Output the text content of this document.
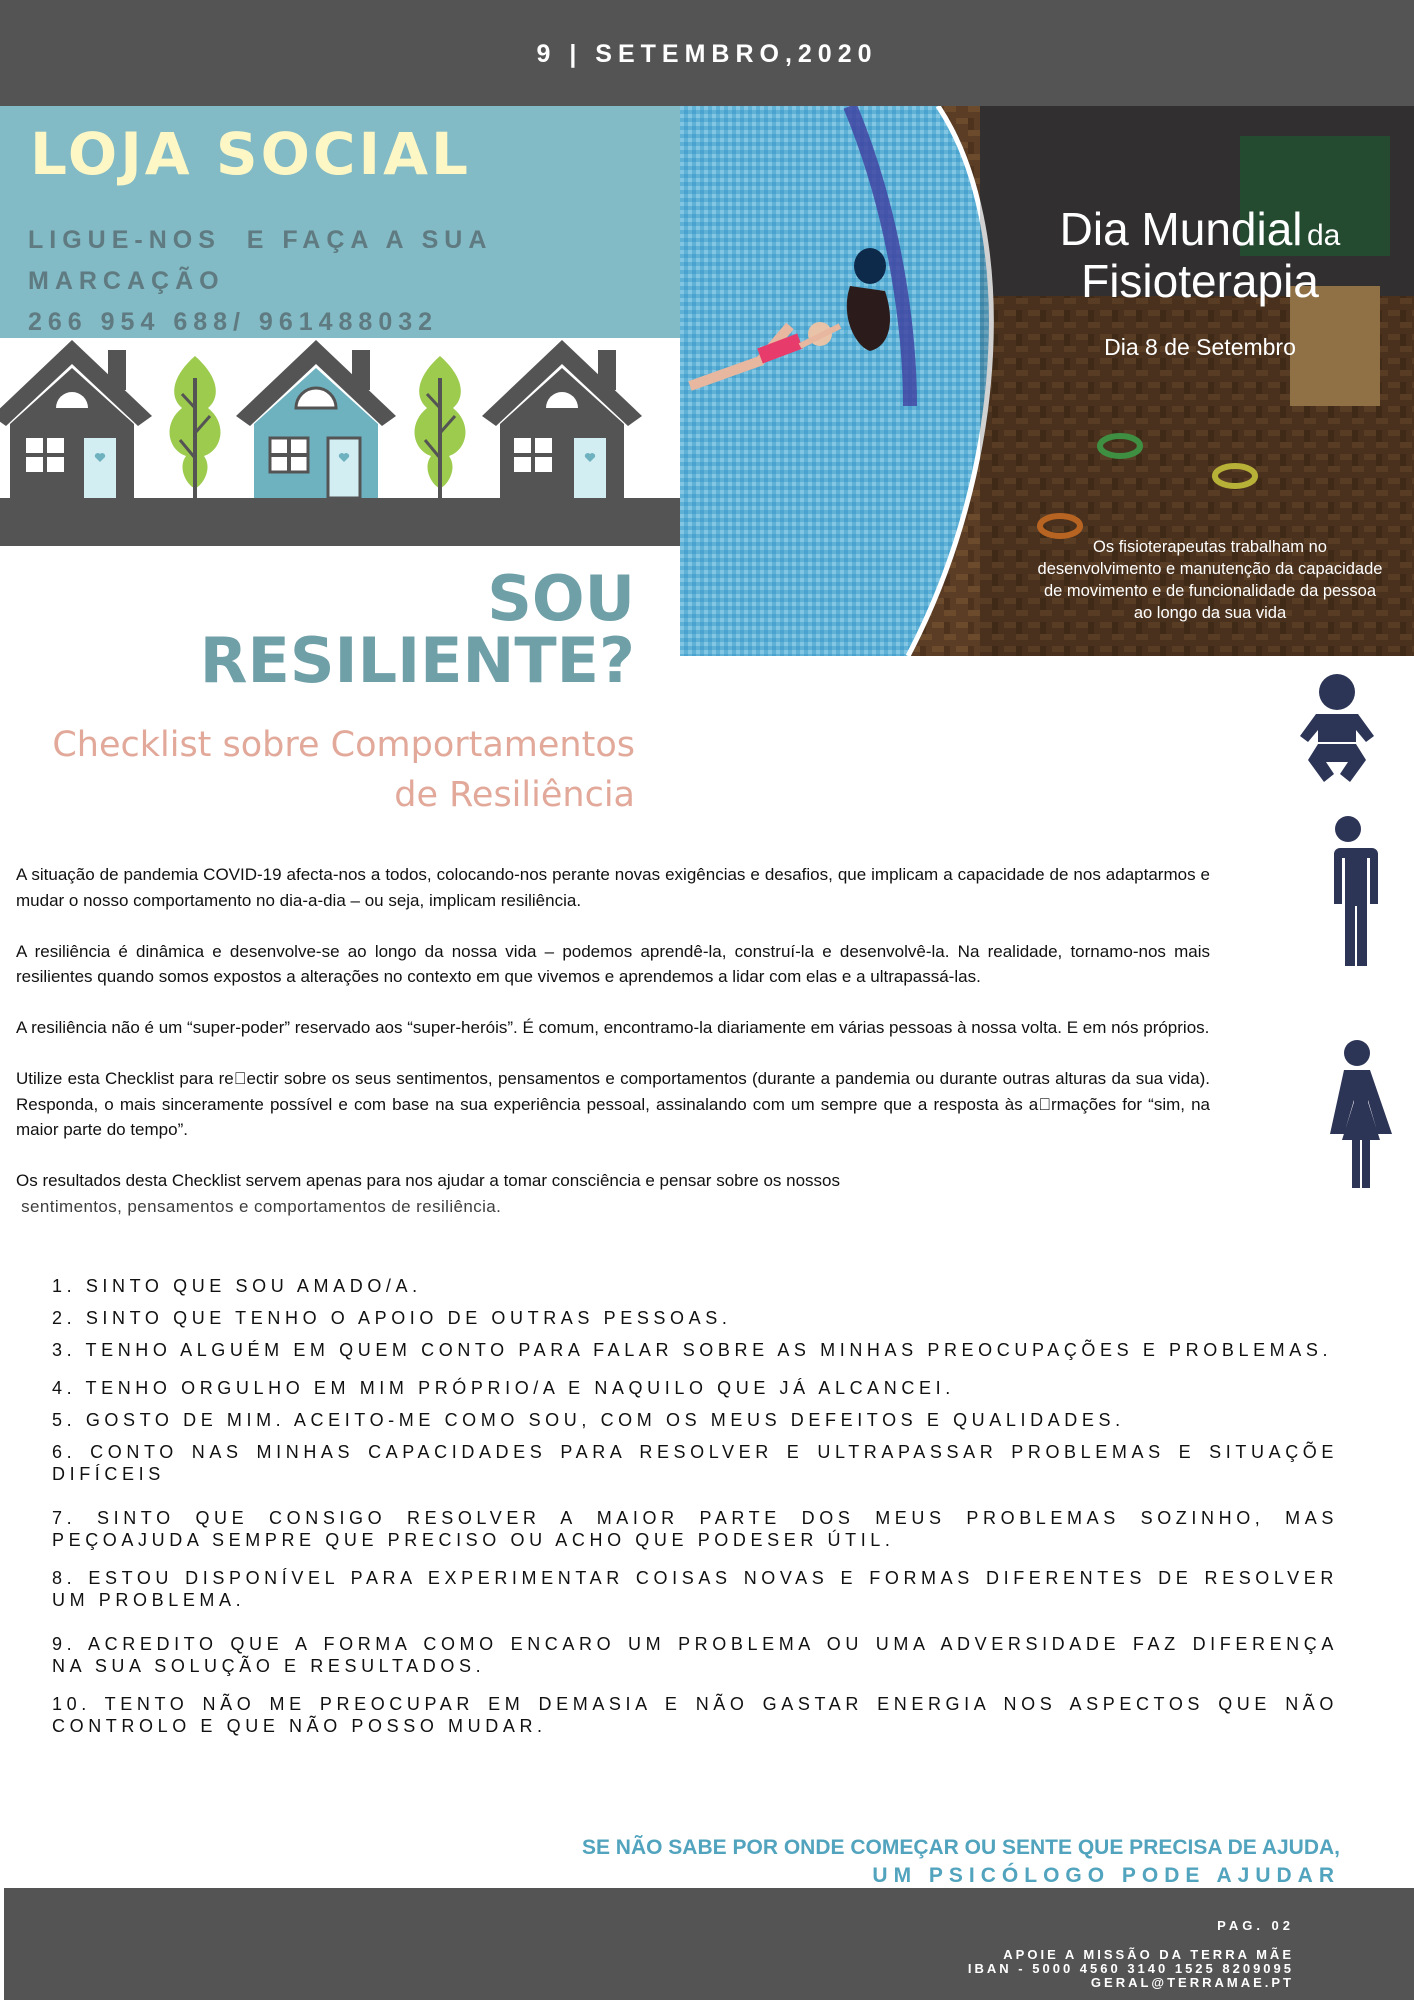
9 | SETEMBRO,2020
LOJA SOCIAL
LIGUE-NOS  E FAÇA A SUA
MARCAÇÃO
266 954 688/ 961488032
Dia Mundial da
Fisioterapia
Dia 8 de Setembro
Os fisioterapeutas trabalham no
desenvolvimento e manutenção da capacidade
de movimento e de funcionalidade da pessoa
ao longo da sua vida
SOU
RESILIENTE?
Checklist sobre Comportamentos
de Resiliência

A situação de pandemia COVID-19 afecta-nos a todos, colocando-nos perante novas exigências e desafios, que implicam a capacidade de nos adaptarmos e mudar o nosso comportamento no dia-a-dia – ou seja, implicam resiliência.

A resiliência é dinâmica e desenvolve-se ao longo da nossa vida – podemos aprendê-la, construí-la e desenvolvê-la. Na realidade, tornamo-nos mais resilientes quando somos expostos a alterações no contexto em que vivemos e aprendemos a lidar com elas e a ultrapassá-las.

A resiliência não é um “super-poder” reservado aos “super-heróis”. É comum, encontramo-la diariamente em várias pessoas à nossa volta. E em nós próprios.

Utilize esta Checklist para re􀁐ectir sobre os seus sentimentos, pensamentos e comportamentos (durante a pandemia ou durante outras alturas da sua vida). Responda, o mais sinceramente possível e com base na sua experiência pessoal, assinalando com um sempre que a resposta às a􀁏rmações for “sim, na maior parte do tempo”.

Os resultados desta Checklist servem apenas para nos ajudar a tomar consciência e pensar sobre os nossos
sentimentos, pensamentos e comportamentos de resiliência.
1. SINTO QUE SOU AMADO/A.
2. SINTO QUE TENHO O APOIO DE OUTRAS PESSOAS.
3. TENHO ALGUÉM EM QUEM CONTO PARA FALAR SOBRE AS MINHAS PREOCUPAÇÕES E PROBLEMAS.
4. TENHO ORGULHO EM MIM PRÓPRIO/A E NAQUILO QUE JÁ ALCANCEI.
5. GOSTO DE MIM. ACEITO-ME COMO SOU, COM OS MEUS DEFEITOS E QUALIDADES.
6. CONTO NAS MINHAS CAPACIDADES PARA RESOLVER E ULTRAPASSAR PROBLEMAS E SITUAÇÕE DIFÍCEIS
7. SINTO QUE CONSIGO RESOLVER A MAIOR PARTE DOS MEUS PROBLEMAS SOZINHO, MAS PEÇOAJUDA SEMPRE QUE PRECISO OU ACHO QUE PODESER ÚTIL.
8. ESTOU DISPONÍVEL PARA EXPERIMENTAR COISAS NOVAS E FORMAS DIFERENTES DE RESOLVER UM PROBLEMA.
9. ACREDITO QUE A FORMA COMO ENCARO UM PROBLEMA OU UMA ADVERSIDADE FAZ DIFERENÇA NA SUA SOLUÇÃO E RESULTADOS.
10. TENTO NÃO ME PREOCUPAR EM DEMASIA E NÃO GASTAR ENERGIA NOS ASPECTOS QUE NÃO CONTROLO E QUE NÃO POSSO MUDAR.
SE NÃO SABE POR ONDE COMEÇAR OU SENTE QUE PRECISA DE AJUDA,
UM PSICÓLOGO PODE AJUDAR
PAG. 02
APOIE A MISSÃO DA TERRA MÃE
IBAN - 5000 4560 3140 1525 8209095
GERAL@TERRAMAE.PT
